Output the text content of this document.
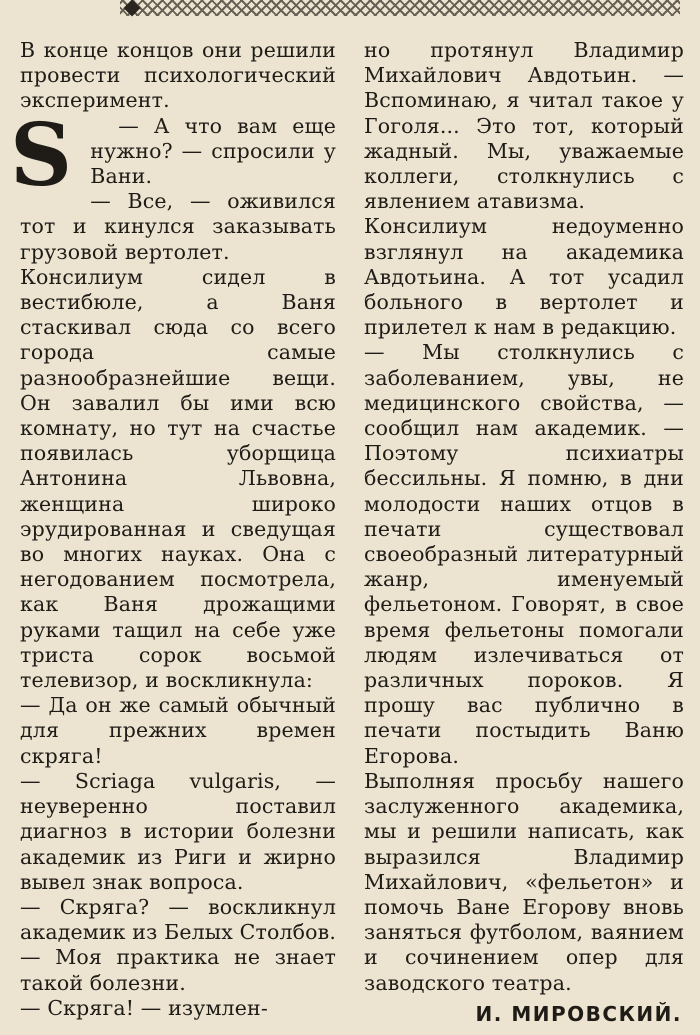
В конце концов они решили провести психологический эксперимент.

S	— А что вам еще нужно? — спросили у Вани.

— Все, — оживился тот и кинулся заказывать грузовой вертолет.

Консилиум сидел в вестибюле, а Ваня стаскивал сюда со всего города самые разнообразнейшие вещи. Он завалил бы ими всю комнату, но тут на счастье появилась уборщица Антонина Львовна, женщина широко эрудированная и сведущая во многих науках. Она с негодованием посмотрела, как Ваня дрожащими руками тащил на себе уже триста сорок восьмой телевизор, и воскликнула:

— Да он же самый обычный для прежних времен скряга!

— Scriaga vulgaris, — неуверенно поставил диагноз в истории болезни академик из Риги и жирно вывел знак вопроса.

— Скряга? — воскликнул академик из Белых Столбов. — Моя практика не знает такой болезни.

— Скряга! — изумлен-

но протянул Владимир Михайлович Авдотьин. — Вспоминаю, я читал такое у Гоголя... Это тот, который жадный. Мы, уважаемые коллеги, столкнулись с явлением атавизма.

Консилиум недоуменно взглянул на академика Авдотьина. А тот усадил больного в вертолет и прилетел к нам в редакцию.

— Мы столкнулись с заболеванием, увы, не медицинского свойства, — сообщил нам академик. — Поэтому психиатры бессильны. Я помню, в дни молодости наших отцов в печати существовал своеобразный литературный жанр, именуемый фельетоном. Говорят, в свое время фельетоны помогали людям излечиваться от различных пороков. Я прошу вас публично в печати постыдить Ваню Егорова.

Выполняя просьбу нашего заслуженного академика, мы и решили написать, как выразился Владимир Михайлович, «фельетон» и помочь Ване Егорову вновь заняться футболом, ваянием и сочинением опер для заводского театра.

И. МИРОВСКИЙ.
